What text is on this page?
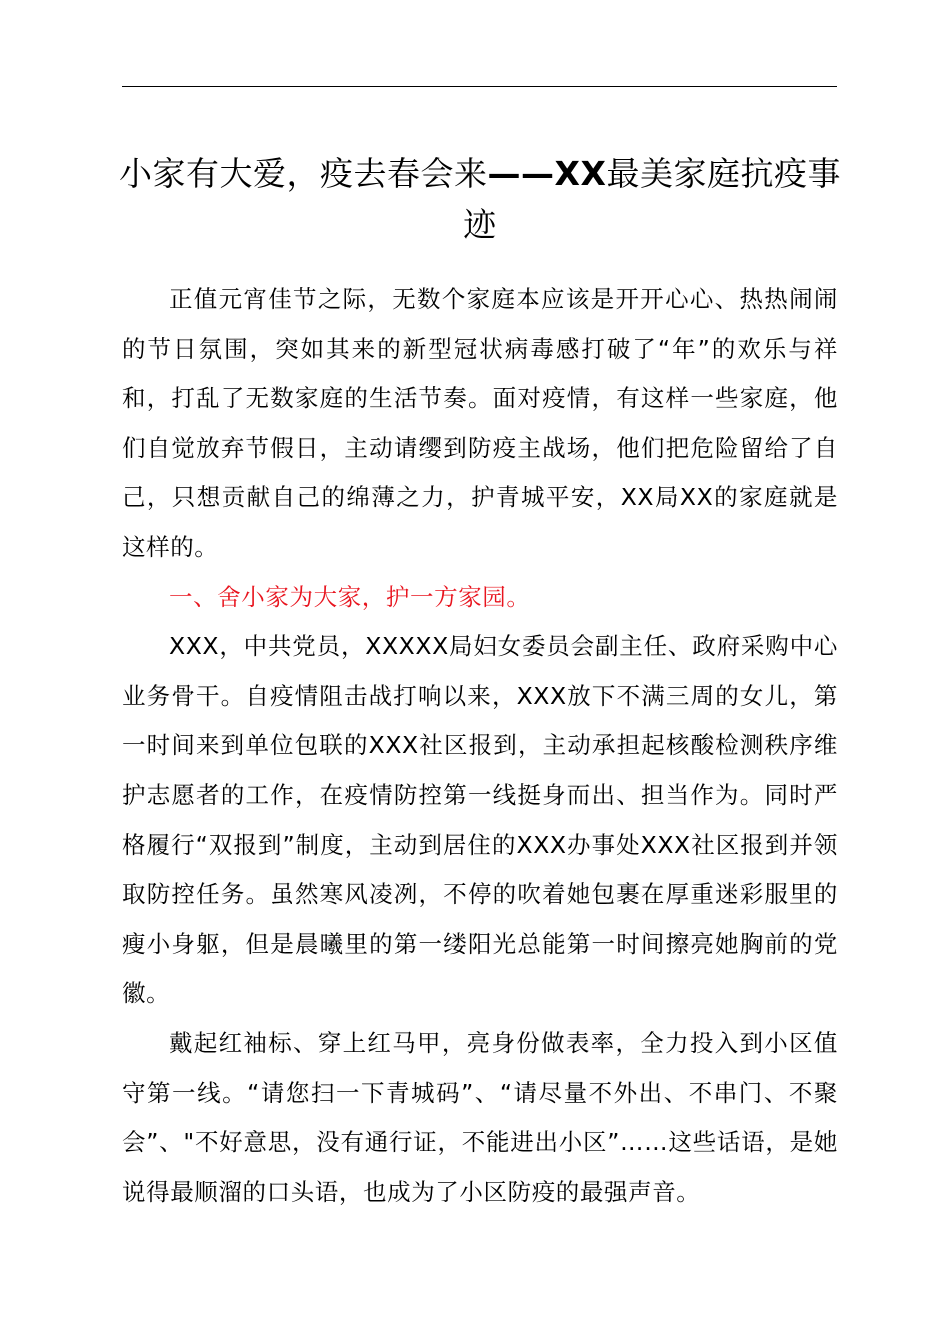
小家有大爱，疫去春会来——XX最美家庭抗疫事迹

正值元宵佳节之际，无数个家庭本应该是开开心心、热热闹闹的节日氛围，突如其来的新型冠状病毒感打破了“年”的欢乐与祥和，打乱了无数家庭的生活节奏。面对疫情，有这样一些家庭，他们自觉放弃节假日，主动请缨到防疫主战场，他们把危险留给了自己，只想贡献自己的绵薄之力，护青城平安，XX局XX的家庭就是这样的。

一、舍小家为大家，护一方家园。

XXX，中共党员，XXXXX局妇女委员会副主任、政府采购中心业务骨干。自疫情阻击战打响以来，XXX放下不满三周的女儿，第一时间来到单位包联的XXX社区报到，主动承担起核酸检测秩序维护志愿者的工作，在疫情防控第一线挺身而出、担当作为。同时严格履行“双报到”制度，主动到居住的XXX办事处XXX社区报到并领取防控任务。虽然寒风凌冽，不停的吹着她包裹在厚重迷彩服里的瘦小身躯，但是晨曦里的第一缕阳光总能第一时间擦亮她胸前的党徽。

戴起红袖标、穿上红马甲，亮身份做表率，全力投入到小区值守第一线。“请您扫一下青城码”、“请尽量不外出、不串门、不聚会”、"不好意思，没有通行证，不能进出小区”……这些话语，是她说得最顺溜的口头语，也成为了小区防疫的最强声音。
